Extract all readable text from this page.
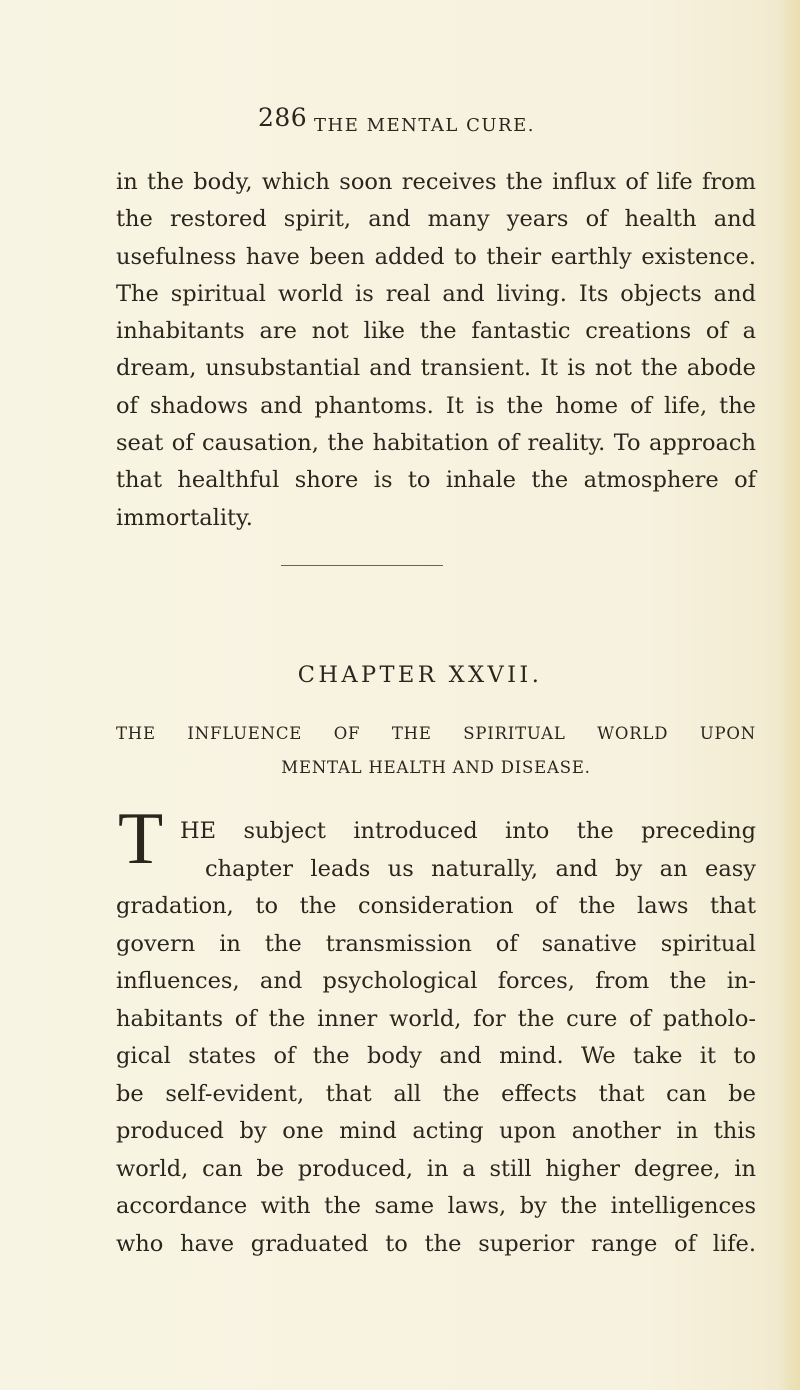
286 THE MENTAL CURE.

in the body, which soon receives the influx of life from the restored spirit, and many years of health and usefulness have been added to their earthly existence. The spiritual world is real and living. Its objects and inhabitants are not like the fantastic creations of a dream, unsubstantial and transient. It is not the abode of shadows and phantoms. It is the home of life, the seat of causation, the habitation of reality. To approach that healthful shore is to inhale the atmosphere of immortality.

CHAPTER XXVII.
THE INFLUENCE OF THE SPIRITUAL WORLD UPON
MENTAL HEALTH AND DISEASE.
T HE subject introduced into the preceding

chapter leads us naturally, and by an easy

gradation, to the consideration of the laws that

govern in the transmission of sanative spiritual

influences, and psychological forces, from the in-

habitants of the inner world, for the cure of patholo-

gical states of the body and mind. We take it to

be self-evident, that all the effects that can be

produced by one mind acting upon another in this

world, can be produced, in a still higher degree, in

accordance with the same laws, by the intelligences

who have graduated to the superior range of life.
